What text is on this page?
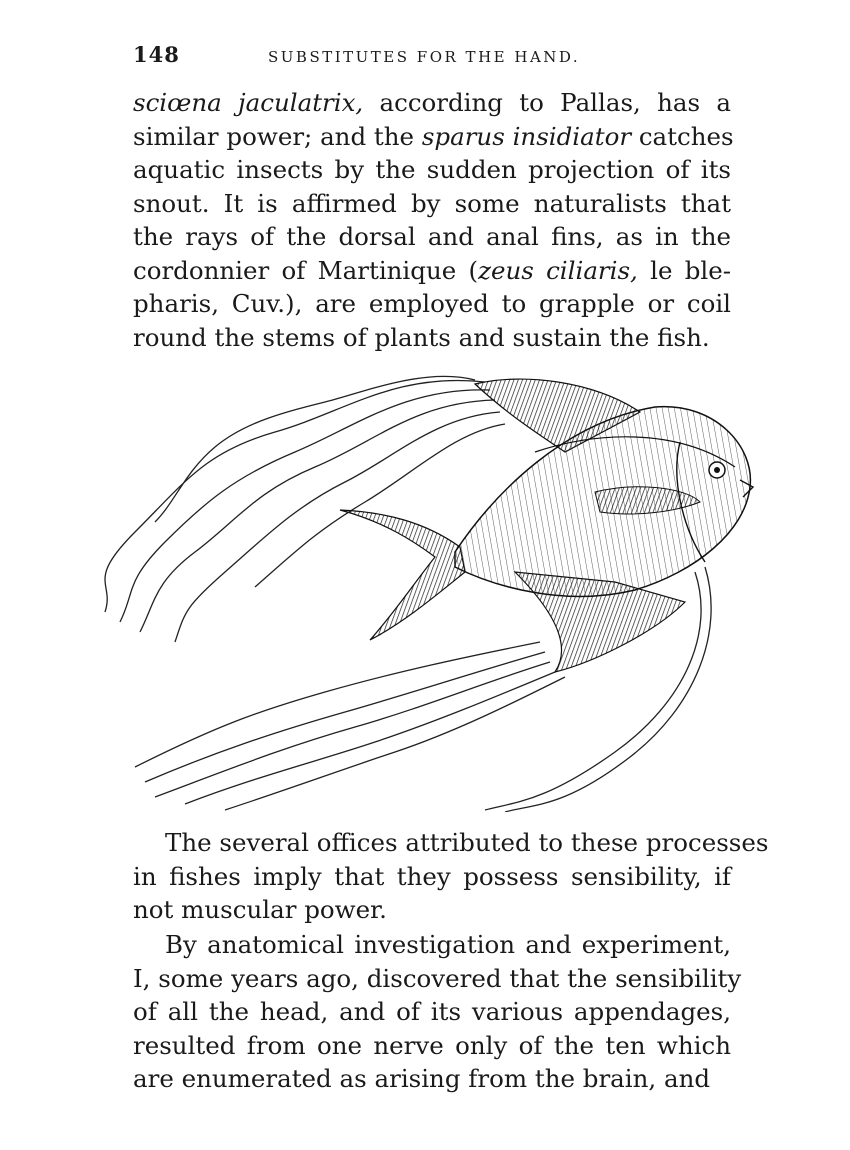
148	SUBSTITUTES FOR THE HAND.
sciœna jaculatrix, according to Pallas, has a
similar power; and the sparus insidiator catches
aquatic insects by the sudden projection of its
snout. It is affirmed by some naturalists that
the rays of the dorsal and anal fins, as in the
cordonnier of Martinique (zeus ciliaris, le ble-
pharis, Cuv.), are employed to grapple or coil
round the stems of plants and sustain the fish.
The several offices attributed to these processes
in fishes imply that they possess sensibility, if
not muscular power.
By anatomical investigation and experiment,
I, some years ago, discovered that the sensibility
of all the head, and of its various appendages,
resulted from one nerve only of the ten which
are enumerated as arising from the brain, and
